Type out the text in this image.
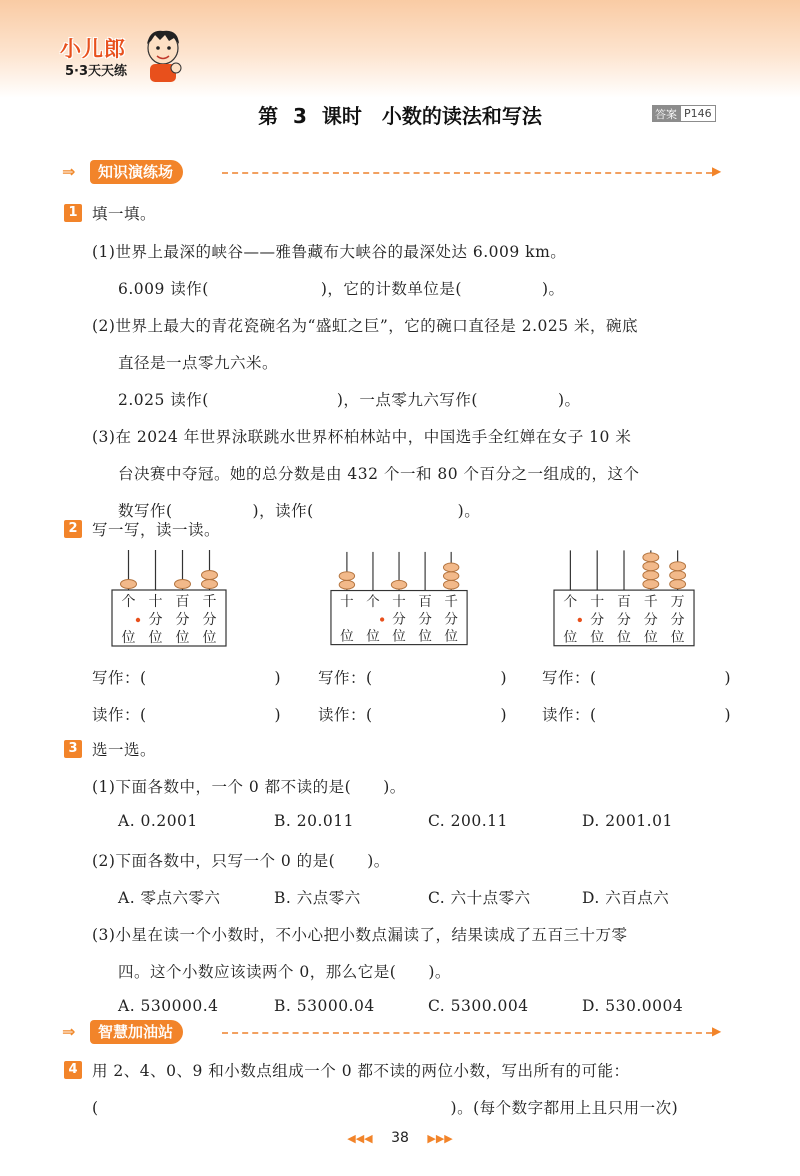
小儿郎
5·3天天练
第 3 课时　小数的读法和写法	答案 P146
⇒	知识演练场	▶
1 填一填。
(1)世界上最深的峡谷——雅鲁藏布大峡谷的最深处达 6.009 km。
6.009 读作(　　　　　　　)，它的计数单位是(　　　　　)。
(2)世界上最大的青花瓷碗名为“盛虹之巨”，它的碗口直径是 2.025 米，碗底
直径是一点零九六米。
2.025 读作(　　　　　　　　)，一点零九六写作(　　　　　)。
(3)在 2024 年世界泳联跳水世界杯柏林站中，中国选手全红婵在女子 10 米
台决赛中夺冠。她的总分数是由 432 个一和 80 个百分之一组成的，这个
数写作(　　　　　)，读作(　　　　　　　　　)。
2 写一写，读一读。
个
位
十
分
位
百
分
位
千
分
位
十
位
个
位
十
分
位
百
分
位
千
分
位
个
位
十
分
位
百
分
位
千
分
位
万
分
位
写作：(　　　　　　　　) 写作：(　　　　　　　　) 写作：(　　　　　　　　)
读作：(　　　　　　　　) 读作：(　　　　　　　　) 读作：(　　　　　　　　)
3 选一选。
(1)下面各数中，一个 0 都不读的是(　　)。
A. 0.2001	B. 20.011	C. 200.11	D. 2001.01
(2)下面各数中，只写一个 0 的是(　　)。
A. 零点六零六	B. 六点零六	C. 六十点零六	D. 六百点六
(3)小星在读一个小数时，不小心把小数点漏读了，结果读成了五百三十万零
四。这个小数应该读两个 0，那么它是(　　)。
A. 530000.4	B. 53000.04	C. 5300.004	D. 530.0004
⇒	智慧加油站	▶
4 用 2、4、0、9 和小数点组成一个 0 都不读的两位小数，写出所有的可能：
(　　　　　　　　　　　　　　　　　　　　　　)。(每个数字都用上且只用一次)
◀◀◀ 38 ▶▶▶
